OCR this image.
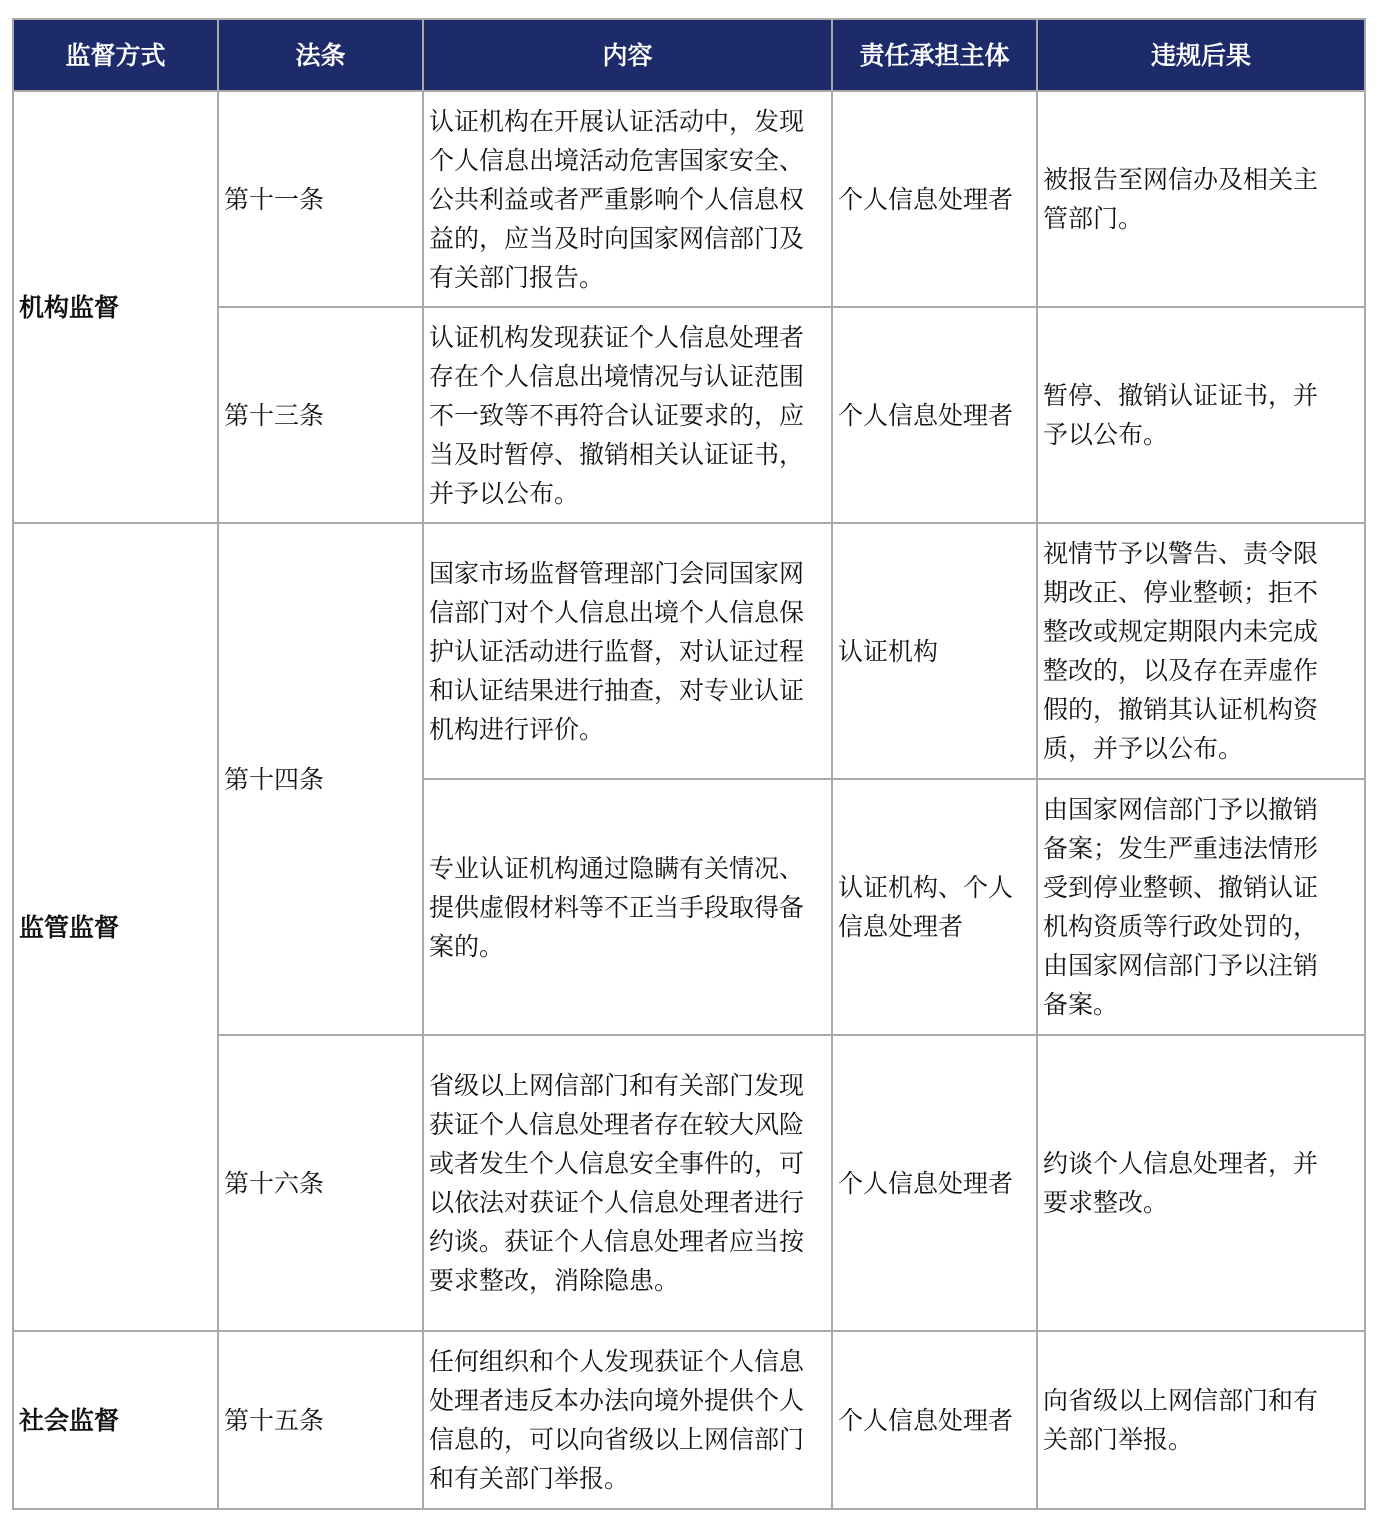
监督方式	法条	内容	责任承担主体	违规后果
机构监督	第十一条	认证机构在开展认证活动中，发现个人信息出境活动危害国家安全、公共利益或者严重影响个人信息权益的，应当及时向国家网信部门及有关部门报告。	个人信息处理者	被报告至网信办及相关主管部门。
	第十三条	认证机构发现获证个人信息处理者存在个人信息出境情况与认证范围不一致等不再符合认证要求的，应当及时暂停、撤销相关认证证书，并予以公布。	个人信息处理者	暂停、撤销认证证书，并予以公布。
监管监督	第十四条	国家市场监督管理部门会同国家网信部门对个人信息出境个人信息保护认证活动进行监督，对认证过程和认证结果进行抽查，对专业认证机构进行评价。	认证机构	视情节予以警告、责令限期改正、停业整顿；拒不整改或规定期限内未完成整改的，以及存在弄虚作假的，撤销其认证机构资质，并予以公布。
		专业认证机构通过隐瞒有关情况、提供虚假材料等不正当手段取得备案的。	认证机构、个人信息处理者	由国家网信部门予以撤销备案；发生严重违法情形受到停业整顿、撤销认证机构资质等行政处罚的，由国家网信部门予以注销备案。
	第十六条	省级以上网信部门和有关部门发现获证个人信息处理者存在较大风险或者发生个人信息安全事件的，可以依法对获证个人信息处理者进行约谈。获证个人信息处理者应当按要求整改，消除隐患。	个人信息处理者	约谈个人信息处理者，并要求整改。
社会监督	第十五条	任何组织和个人发现获证个人信息处理者违反本办法向境外提供个人信息的，可以向省级以上网信部门和有关部门举报。	个人信息处理者	向省级以上网信部门和有关部门举报。
